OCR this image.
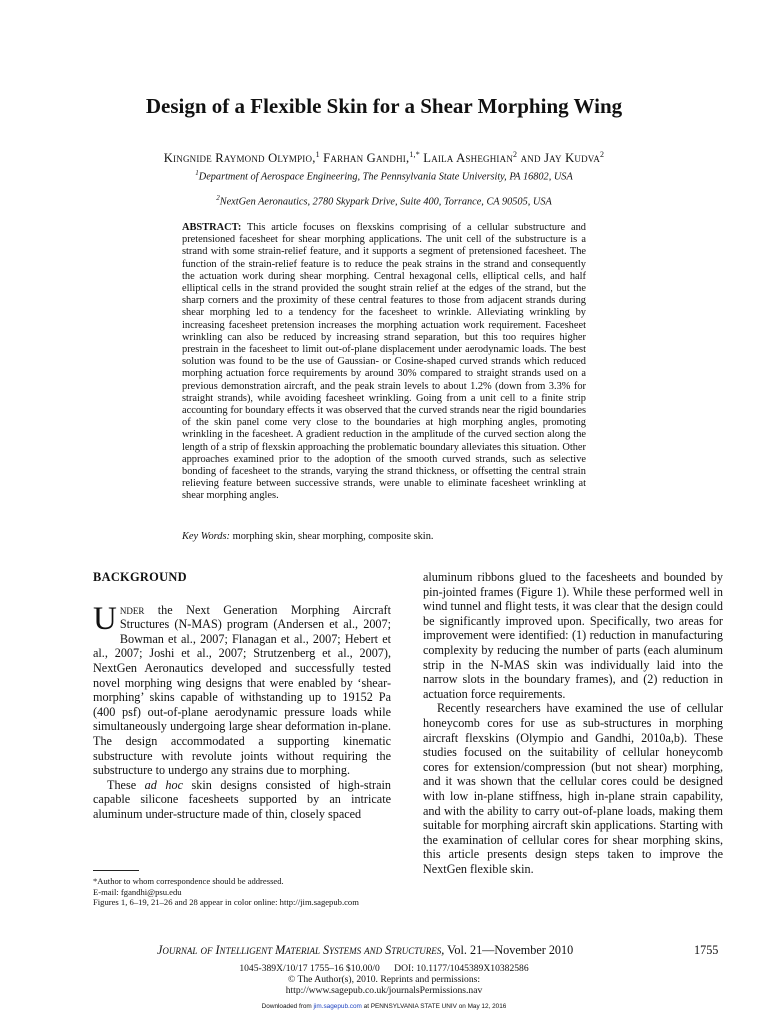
Design of a Flexible Skin for a Shear Morphing Wing
Kingnide Raymond Olympio,$^1$ Farhan Gandhi,$^{1,*}$ Laila Asheghian$^2$ and Jay Kudva$^2$
$^1$Department of Aerospace Engineering, The Pennsylvania State University, PA 16802, USA
$^2$NextGen Aeronautics, 2780 Skypark Drive, Suite 400, Torrance, CA 90505, USA
ABSTRACT: This article focuses on flexskins comprising of a cellular substructure and pretensioned facesheet for shear morphing applications. The unit cell of the substructure is a strand with some strain-relief feature, and it supports a segment of pretensioned facesheet. The function of the strain-relief feature is to reduce the peak strains in the strand and consequently the actuation work during shear morphing. Central hexagonal cells, elliptical cells, and half elliptical cells in the strand provided the sought strain relief at the edges of the strand, but the sharp corners and the proximity of these central features to those from adjacent strands during shear morphing led to a tendency for the facesheet to wrinkle. Alleviating wrinkling by increasing facesheet pretension increases the morphing actuation work requirement. Facesheet wrinkling can also be reduced by increasing strand separation, but this too requires higher prestrain in the facesheet to limit out-of-plane displacement under aerodynamic loads. The best solution was found to be the use of Gaussian- or Cosine-shaped curved strands which reduced morphing actuation force requirements by around 30% compared to straight strands used on a previous demonstration aircraft, and the peak strain levels to about 1.2% (down from 3.3% for straight strands), while avoiding facesheet wrinkling. Going from a unit cell to a finite strip accounting for boundary effects it was observed that the curved strands near the rigid boundaries of the skin panel come very close to the boundaries at high morphing angles, promoting wrinkling in the facesheet. A gradient reduction in the amplitude of the curved section along the length of a strip of flexskin approaching the problematic boundary alleviates this situation. Other approaches examined prior to the adoption of the smooth curved strands, such as selective bonding of facesheet to the strands, varying the strand thickness, or offsetting the central strain relieving feature between successive strands, were unable to eliminate facesheet wrinkling at shear morphing angles.
Key Words: morphing skin, shear morphing, composite skin.
BACKGROUND

Under the Next Generation Morphing Aircraft Structures (N-MAS) program (Andersen et al., 2007; Bowman et al., 2007; Flanagan et al., 2007; Hebert et al., 2007; Joshi et al., 2007; Strutzenberg et al., 2007), NextGen Aeronautics developed and successfully tested novel morphing wing designs that were enabled by ‘shear-morphing’ skins capable of withstanding up to 19152 Pa (400 psf) out-of-plane aerodynamic pressure loads while simultaneously undergoing large shear deformation in-plane. The design accommodated a supporting kinematic substructure with revolute joints without requiring the substructure to undergo any strains due to morphing.

These ad hoc skin designs consisted of high-strain capable silicone facesheets supported by an intricate aluminum under-structure made of thin, closely spaced

aluminum ribbons glued to the facesheets and bounded by pin-jointed frames (Figure 1). While these performed well in wind tunnel and flight tests, it was clear that the design could be significantly improved upon. Specifically, two areas for improvement were identified: (1) reduction in manufacturing complexity by reducing the number of parts (each aluminum strip in the N-MAS skin was individually laid into the narrow slots in the boundary frames), and (2) reduction in actuation force requirements.

Recently researchers have examined the use of cellular honeycomb cores for use as sub-structures in morphing aircraft flexskins (Olympio and Gandhi, 2010a,b). These studies focused on the suitability of cellular honeycomb cores for extension/compression (but not shear) morphing, and it was shown that the cellular cores could be designed with low in-plane stiffness, high in-plane strain capability, and with the ability to carry out-of-plane loads, making them suitable for morphing aircraft skin applications. Starting with the examination of cellular cores for shear morphing skins, this article presents design steps taken to improve the NextGen flexible skin.

*Author to whom correspondence should be addressed.
E-mail: fgandhi@psu.edu
Figures 1, 6–19, 21–26 and 28 appear in color online: http://jim.sagepub.com
Journal of Intelligent Material Systems and Structures, Vol. 21—November 2010	1755
1045-389X/10/17 1755–16 $10.00/0      DOI: 10.1177/1045389X10382586
© The Author(s), 2010. Reprints and permissions:
http://www.sagepub.co.uk/journalsPermissions.nav
Downloaded from jim.sagepub.com at PENNSYLVANIA STATE UNIV on May 12, 2016
